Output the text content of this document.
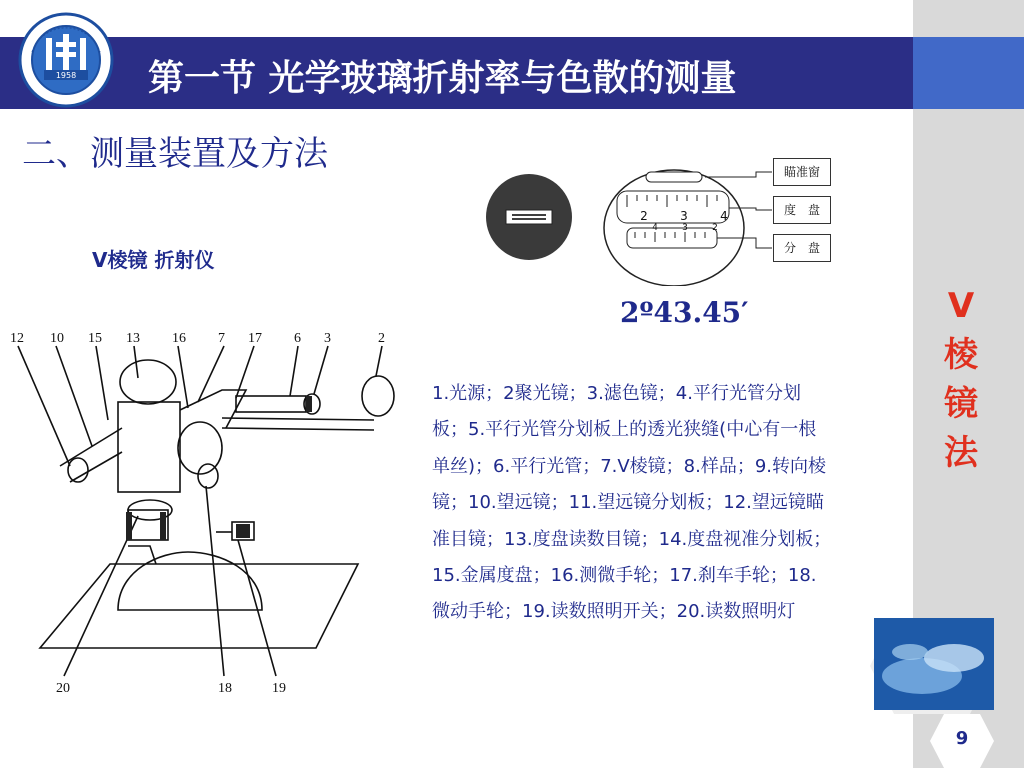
1958 第一节 光学玻璃折射率与色散的测量
二、测量装置及方法
V棱镜 折射仪
2	3	4
4	3	2
瞄准窗
度　盘
分　盘
2º43.45′
12 10 15 13 16 7 17 6 3	2
20	18	19
1.光源；2聚光镜；3.滤色镜；4.平行光管分划板；5.平行光管分划板上的透光狭缝(中心有一根单丝)；6.平行光管；7.V棱镜；8.样品；9.转向棱镜；10.望远镜；11.望远镜分划板；12.望远镜瞄准目镜；13.度盘读数目镜；14.度盘视准分划板；15.金属度盘；16.测微手轮；17.刹车手轮；18.微动手轮；19.读数照明开关；20.读数照明灯
V
棱
镜
法
9
